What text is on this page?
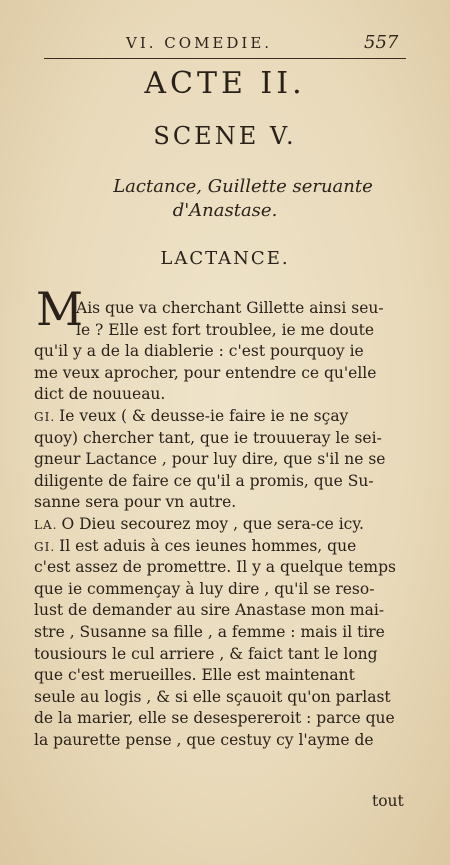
VI. COMEDIE.	557
ACTE II.
SCENE V.
Lactance, Guillette seruante
d'Anastase.
LACTANCE.
M
Ais que va cherchant Gillette ainsi seu-
le ? Elle est fort troublee, ie me doute
qu'il y a de la diablerie : c'est pourquoy ie
me veux aprocher, pour entendre ce qu'elle
dict de nouueau.
GI. Ie veux ( & deusse-ie faire ie ne sçay
quoy) chercher tant, que ie trouueray le sei-
gneur Lactance , pour luy dire, que s'il ne se
diligente de faire ce qu'il a promis, que Su-
sanne sera pour vn autre.
LA. O Dieu secourez moy , que sera-ce icy.
GI. Il est aduis à ces ieunes hommes, que
c'est assez de promettre. Il y a quelque temps
que ie commençay à luy dire , qu'il se reso-
lust de demander au sire Anastase mon mai-
stre , Susanne sa fille , a femme : mais il tire
tousiours le cul arriere , & faict tant le long
que c'est merueilles. Elle est maintenant
seule au logis , & si elle sçauoit qu'on parlast
de la marier, elle se desespereroit : parce que
la paurette pense , que cestuy cy l'ayme de
tout
